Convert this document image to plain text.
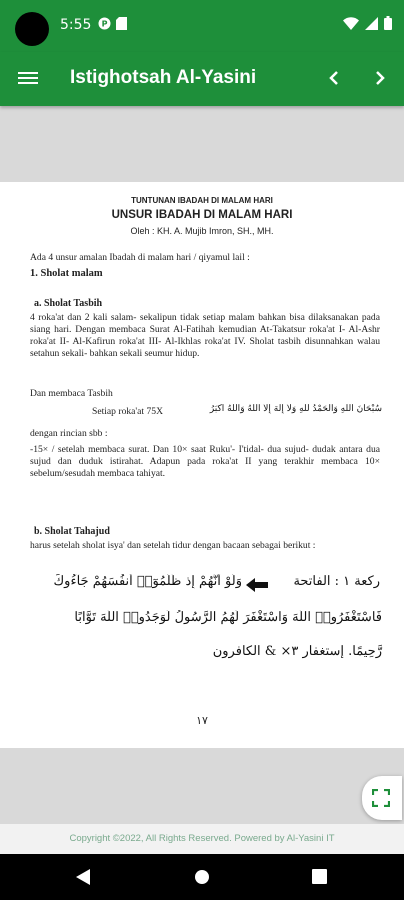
5:55 P
Istighotsah Al-Yasini
TUNTUNAN IBADAH DI MALAM HARI
UNSUR IBADAH DI MALAM HARI
Oleh : KH. A. Mujib Imron, SH., MH.
Ada 4 unsur amalan Ibadah di malam hari / qiyamul lail :
1. Sholat malam
a. Sholat Tasbih
4 roka'at dan 2 kali salam- sekalipun tidak setiap malam bahkan bisa dilaksanakan pada siang hari. Dengan membaca Surat Al-Fatihah kemudian At-Takatsur roka'at I- Al-Ashr roka'at II- Al-Kafirun roka'at III- Al-Ikhlas roka'at IV. Sholat tasbih disunnahkan walau setahun sekali- bahkan sekali seumur hidup.
Dan membaca Tasbih
Setiap roka'at 75X	سُبْحَانَ اللهِ وَالْحَمْدُ للهِ وَلاَ إِلَهَ إِلاَّ اللهُ وَاللهُ أَكْبَرُ
dengan rincian sbb :
-15× / setelah membaca surat. Dan 10× saat Ruku'- I'tidal- dua sujud- dudak antara dua sujud dan duduk istirahat. Adapun pada roka'at II yang terakhir membaca 10× sebelum/sesudah membaca tahiyat.
b. Sholat Tahajud
harus setelah sholat isya' dan setelah tidur dengan bacaan sebagai berikut :
ركعة ١ : الفاتحة
وَلَوْ أَنَّهُمْ إِذ ظَّلَمُوٓا۟ أَنفُسَهُمْ جَآءُوكَ
فَاسْتَغْفَرُوا۟ اللَّهَ وَاسْتَغْفَرَ لَهُمُ الرَّسُولُ لَوَجَدُوا۟ اللَّهَ تَوَّابًا
رَّحِيمًا. إستغفار ٣× & الكافرون
١٧
Copyright ©2022, All Rights Reserved. Powered by Al-Yasini IT
